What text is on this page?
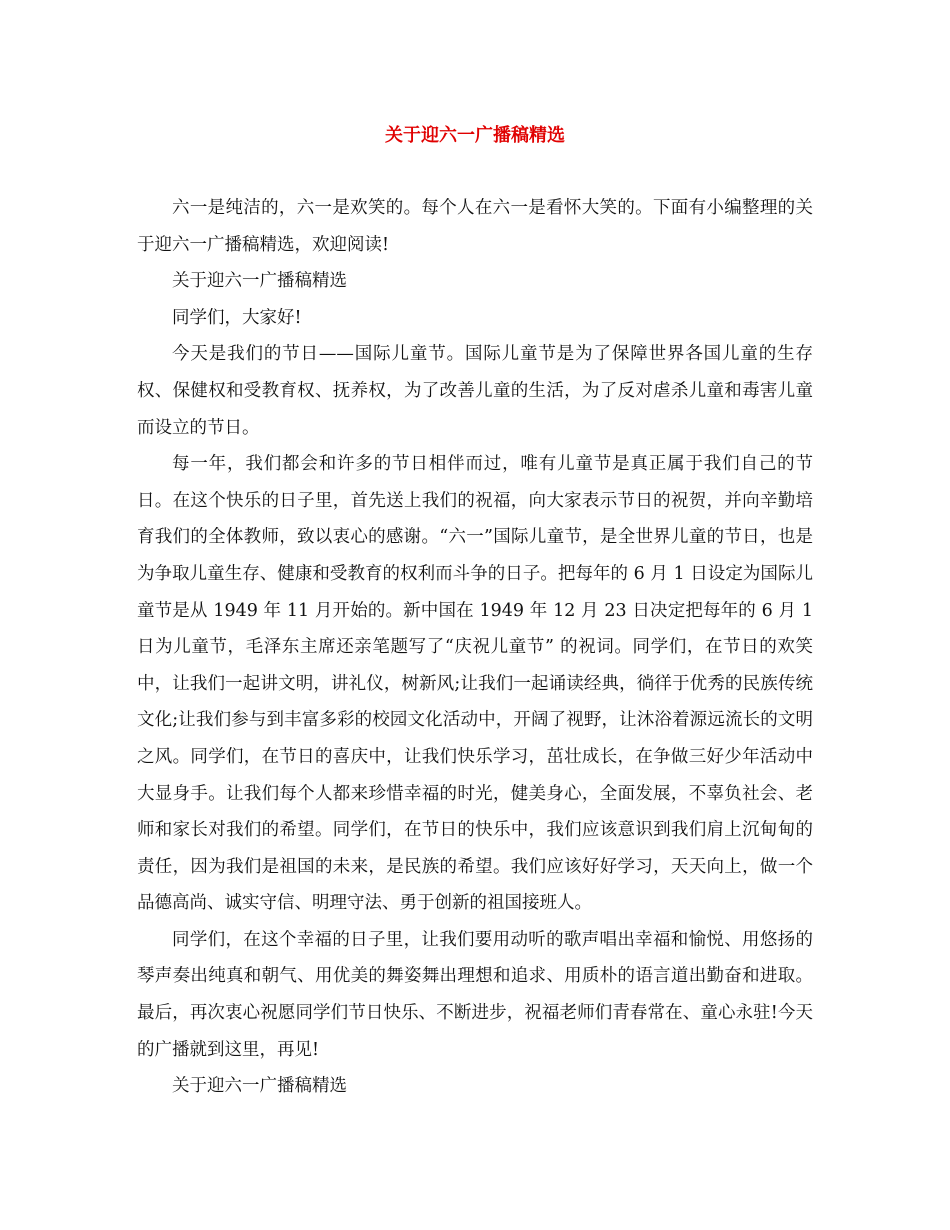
关于迎六一广播稿精选

六一是纯洁的，六一是欢笑的。每个人在六一是看怀大笑的。下面有小编整理的关于迎六一广播稿精选，欢迎阅读!

关于迎六一广播稿精选

同学们，大家好!

今天是我们的节日——国际儿童节。国际儿童节是为了保障世界各国儿童的生存权、保健权和受教育权、抚养权，为了改善儿童的生活，为了反对虐杀儿童和毒害儿童而设立的节日。

每一年，我们都会和许多的节日相伴而过，唯有儿童节是真正属于我们自己的节日。在这个快乐的日子里，首先送上我们的祝福，向大家表示节日的祝贺，并向辛勤培育我们的全体教师，致以衷心的感谢。“六一”国际儿童节，是全世界儿童的节日，也是为争取儿童生存、健康和受教育的权利而斗争的日子。把每年的 6 月 1 日设定为国际儿童节是从 1949 年 11 月开始的。新中国在 1949 年 12 月 23 日决定把每年的 6 月 1 日为儿童节，毛泽东主席还亲笔题写了“庆祝儿童节” 的祝词。同学们，在节日的欢笑中，让我们一起讲文明，讲礼仪，树新风;让我们一起诵读经典，徜徉于优秀的民族传统文化;让我们参与到丰富多彩的校园文化活动中，开阔了视野，让沐浴着源远流长的文明之风。同学们，在节日的喜庆中，让我们快乐学习，茁壮成长，在争做三好少年活动中大显身手。让我们每个人都来珍惜幸福的时光，健美身心，全面发展，不辜负社会、老师和家长对我们的希望。同学们，在节日的快乐中，我们应该意识到我们肩上沉甸甸的责任，因为我们是祖国的未来，是民族的希望。我们应该好好学习，天天向上，做一个品德高尚、诚实守信、明理守法、勇于创新的祖国接班人。

同学们，在这个幸福的日子里，让我们要用动听的歌声唱出幸福和愉悦、用悠扬的琴声奏出纯真和朝气、用优美的舞姿舞出理想和追求、用质朴的语言道出勤奋和进取。最后，再次衷心祝愿同学们节日快乐、不断进步，祝福老师们青春常在、童心永驻!今天的广播就到这里，再见!

关于迎六一广播稿精选
